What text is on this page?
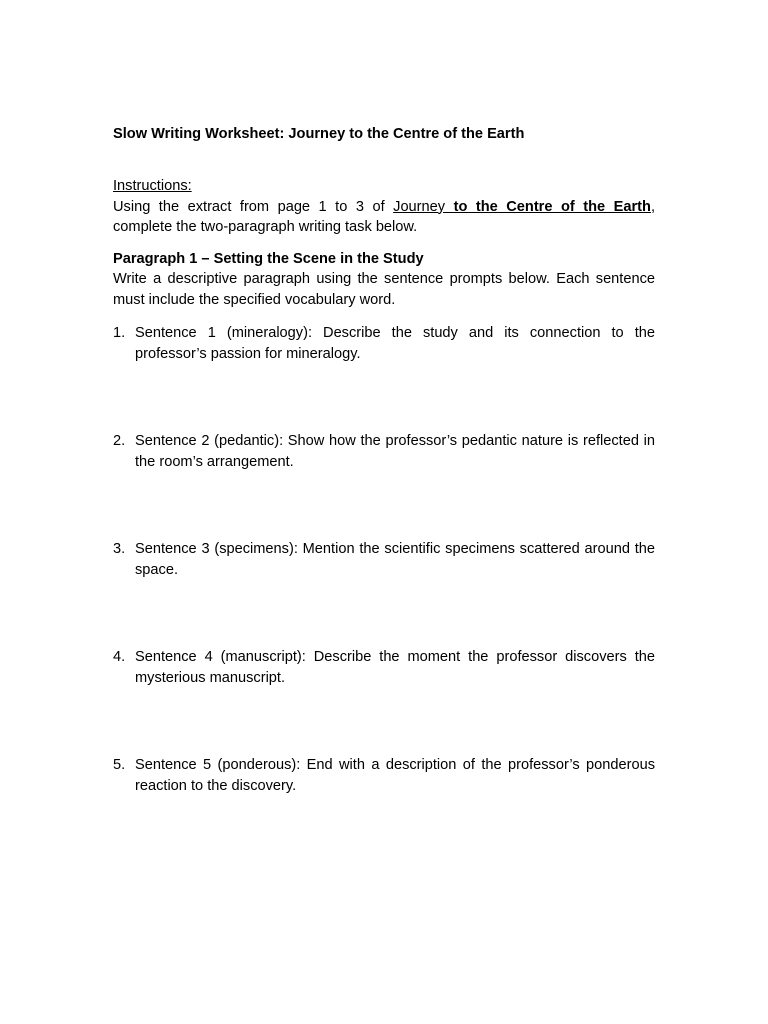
Slow Writing Worksheet: Journey to the Centre of the Earth
Instructions:
Using the extract from page 1 to 3 of Journey to the Centre of the Earth,
complete the two-paragraph writing task below.
Paragraph 1 – Setting the Scene in the Study
Write a descriptive paragraph using the sentence prompts below. Each sentence must include the specified vocabulary word.
1. Sentence 1 (mineralogy): Describe the study and its connection to the professor’s passion for mineralogy.
2. Sentence 2 (pedantic): Show how the professor’s pedantic nature is reflected in the room’s arrangement.
3. Sentence 3 (specimens): Mention the scientific specimens scattered around the space.
4. Sentence 4 (manuscript): Describe the moment the professor discovers the mysterious manuscript.
5. Sentence 5 (ponderous): End with a description of the professor’s ponderous reaction to the discovery.
